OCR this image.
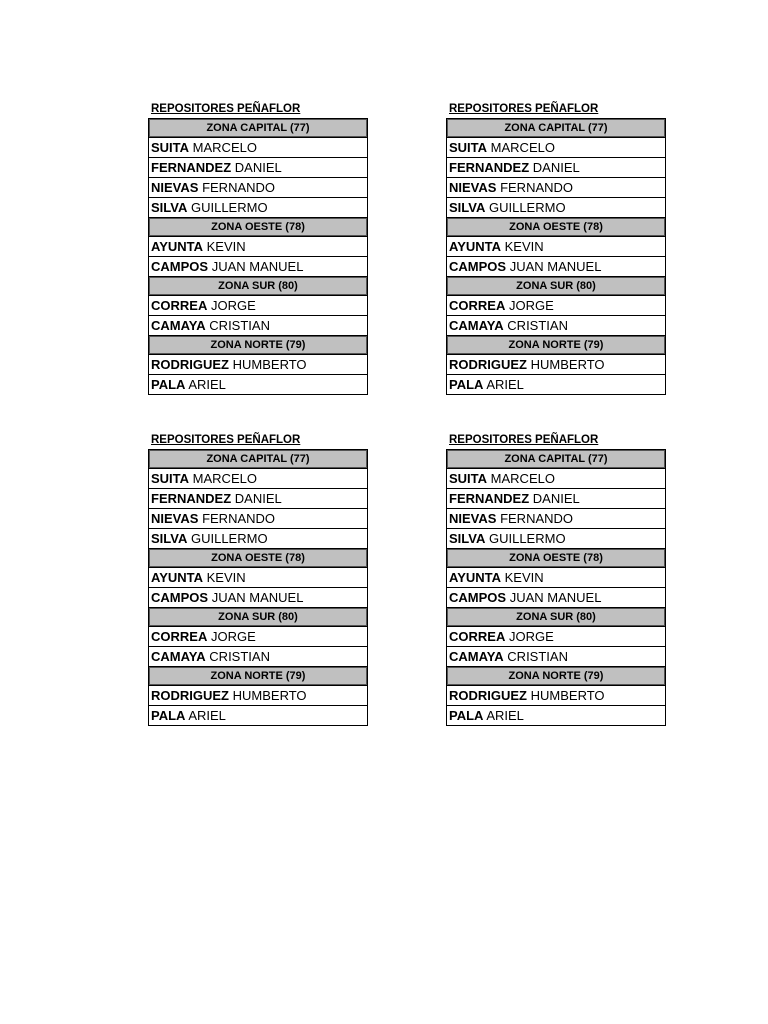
REPOSITORES PEÑAFLOR
ZONA CAPITAL (77)
SUITA MARCELO
FERNANDEZ DANIEL
NIEVAS FERNANDO
SILVA GUILLERMO
ZONA OESTE (78)
AYUNTA KEVIN
CAMPOS JUAN MANUEL
ZONA SUR (80)
CORREA JORGE
CAMAYA CRISTIAN
ZONA NORTE (79)
RODRIGUEZ HUMBERTO
PALA ARIEL
REPOSITORES PEÑAFLOR
ZONA CAPITAL (77)
SUITA MARCELO
FERNANDEZ DANIEL
NIEVAS FERNANDO
SILVA GUILLERMO
ZONA OESTE (78)
AYUNTA KEVIN
CAMPOS JUAN MANUEL
ZONA SUR (80)
CORREA JORGE
CAMAYA CRISTIAN
ZONA NORTE (79)
RODRIGUEZ HUMBERTO
PALA ARIEL
REPOSITORES PEÑAFLOR
ZONA CAPITAL (77)
SUITA MARCELO
FERNANDEZ DANIEL
NIEVAS FERNANDO
SILVA GUILLERMO
ZONA OESTE (78)
AYUNTA KEVIN
CAMPOS JUAN MANUEL
ZONA SUR (80)
CORREA JORGE
CAMAYA CRISTIAN
ZONA NORTE (79)
RODRIGUEZ HUMBERTO
PALA ARIEL
REPOSITORES PEÑAFLOR
ZONA CAPITAL (77)
SUITA MARCELO
FERNANDEZ DANIEL
NIEVAS FERNANDO
SILVA GUILLERMO
ZONA OESTE (78)
AYUNTA KEVIN
CAMPOS JUAN MANUEL
ZONA SUR (80)
CORREA JORGE
CAMAYA CRISTIAN
ZONA NORTE (79)
RODRIGUEZ HUMBERTO
PALA ARIEL
